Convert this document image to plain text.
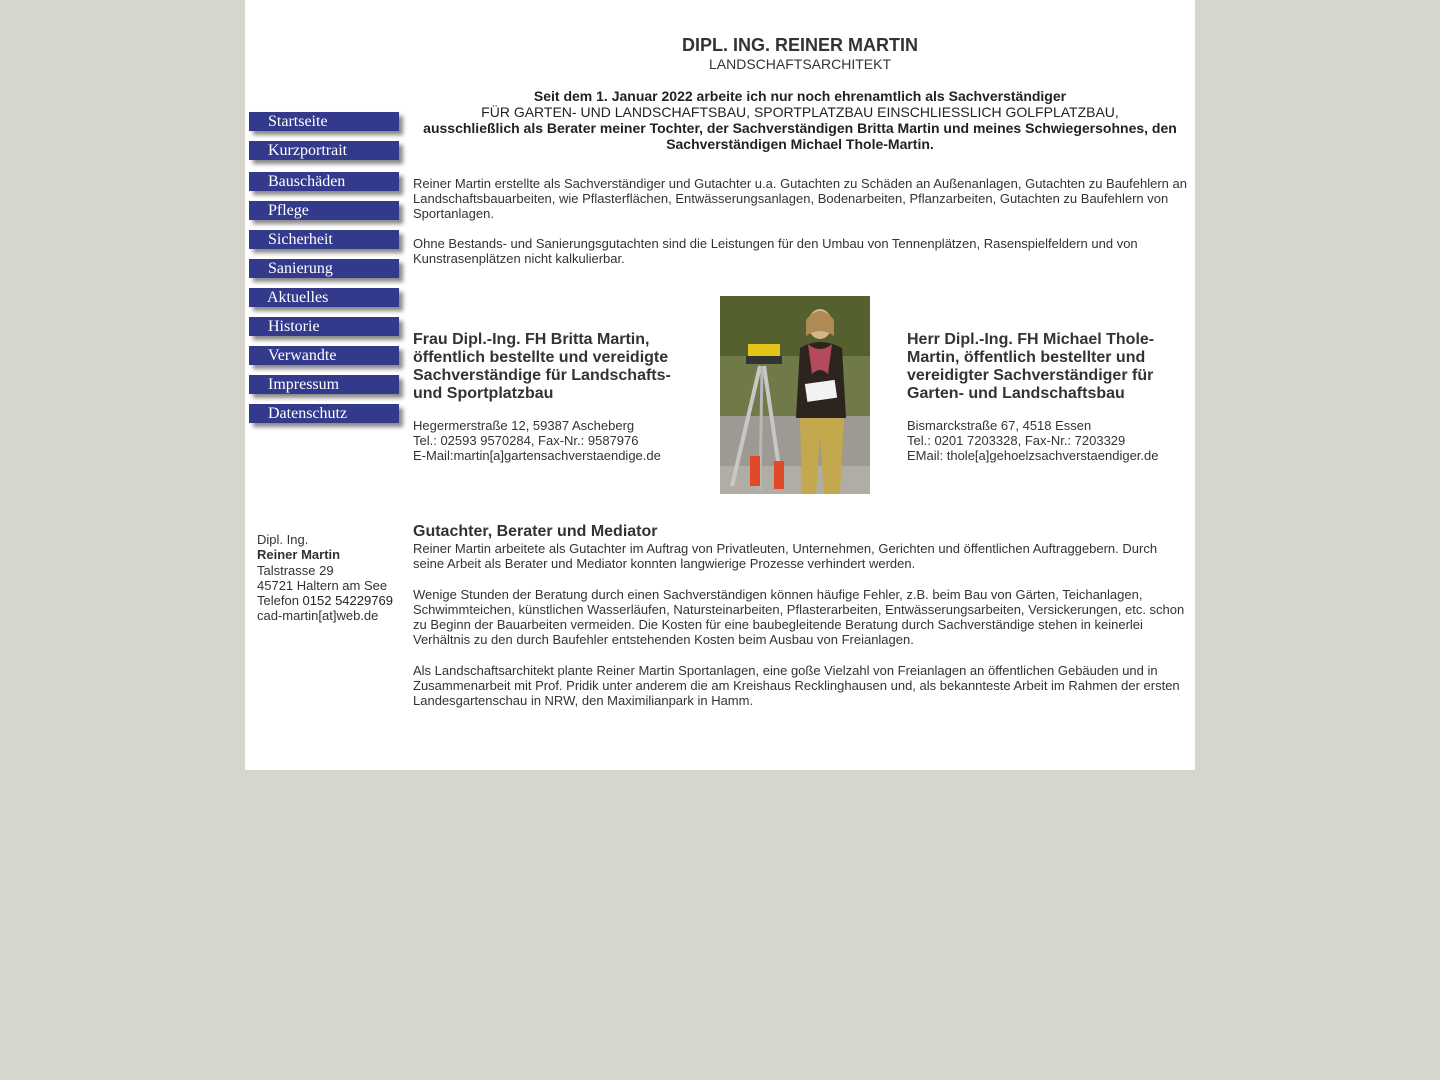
Startseite
Kurzportrait
Bauschäden
Pflege
Sicherheit
Sanierung
Aktuelles
Historie
Verwandte
Impressum
Datenschutz
Dipl. Ing.
Reiner Martin
Talstrasse 29
45721 Haltern am See
Telefon 0152 54229769
cad-martin[at]web.de
DIPL. ING. REINER MARTIN
LANDSCHAFTSARCHITEKT
Seit dem 1. Januar 2022 arbeite ich nur noch ehrenamtlich als Sachverständiger
FÜR GARTEN- UND LANDSCHAFTSBAU, SPORTPLATZBAU EINSCHLIESSLICH GOLFPLATZBAU,
ausschließlich als Berater meiner Tochter, der Sachverständigen Britta Martin und meines Schwiegersohnes, den Sachverständigen Michael Thole-Martin.
Reiner Martin erstellte als Sachverständiger und Gutachter u.a. Gutachten zu Schäden an Außenanlagen, Gutachten zu Baufehlern an Landschaftsbauarbeiten, wie Pflasterflächen, Entwässerungsanlagen, Bodenarbeiten, Pflanzarbeiten, Gutachten zu Baufehlern von Sportanlagen.
Ohne Bestands- und Sanierungsgutachten sind die Leistungen für den Umbau von Tennenplätzen, Rasenspielfeldern und von Kunstrasenplätzen nicht kalkulierbar.
Frau Dipl.-Ing. FH Britta Martin, öffentlich bestellte und vereidigte Sachverständige für Landschafts- und Sportplatzbau
Hegermerstraße 12, 59387 Ascheberg
Tel.: 02593 9570284, Fax-Nr.: 9587976
E-Mail:martin[a]gartensachverstaendige.de
Herr Dipl.-Ing. FH Michael Thole-Martin, öffentlich bestellter und vereidigter Sachverständiger für Garten- und Landschaftsbau
Bismarckstraße 67, 4518 Essen
Tel.: 0201 7203328, Fax-Nr.: 7203329
EMail: thole[a]gehoelzsachverstaendiger.de
Gutachter, Berater und Mediator
Reiner Martin arbeitete als Gutachter im Auftrag von Privatleuten, Unternehmen, Gerichten und öffentlichen Auftraggebern. Durch seine Arbeit als Berater und Mediator konnten langwierige Prozesse verhindert werden.
Wenige Stunden der Beratung durch einen Sachverständigen können häufige Fehler, z.B. beim Bau von Gärten, Teichanlagen, Schwimmteichen, künstlichen Wasserläufen, Natursteinarbeiten, Pflasterarbeiten, Entwässerungsarbeiten, Versickerungen, etc. schon zu Beginn der Bauarbeiten vermeiden. Die Kosten für eine baubegleitende Beratung durch Sachverständige stehen in keinerlei Verhältnis zu den durch Baufehler entstehenden Kosten beim Ausbau von Freianlagen.
Als Landschaftsarchitekt plante Reiner Martin Sportanlagen, eine goße Vielzahl von Freianlagen an öffentlichen Gebäuden und in Zusammenarbeit mit Prof. Pridik unter anderem die am Kreishaus Recklinghausen und, als bekannteste Arbeit im Rahmen der ersten Landesgartenschau in NRW, den Maximilianpark in Hamm.
